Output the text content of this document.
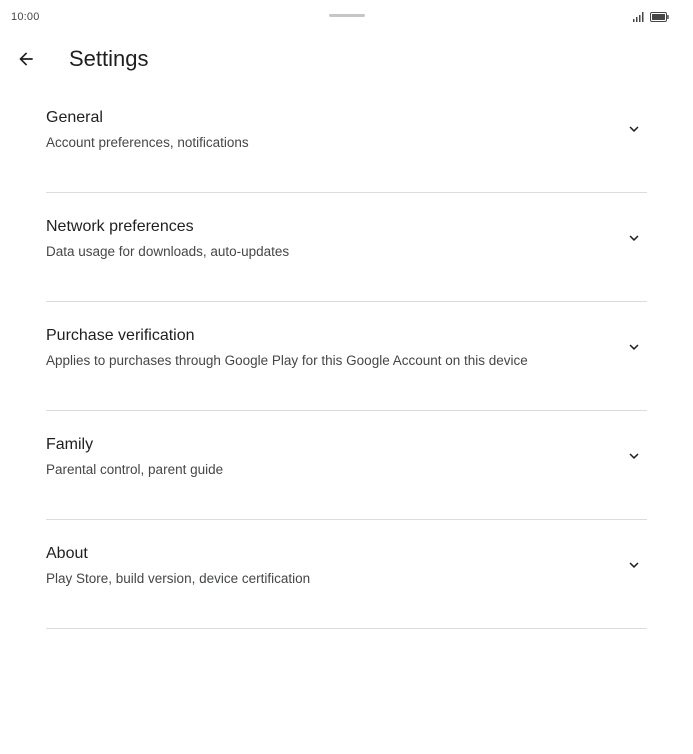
10:00
Settings
General
Account preferences, notifications
Network preferences
Data usage for downloads, auto-updates
Purchase verification
Applies to purchases through Google Play for this Google Account on this device
Family
Parental control, parent guide
About
Play Store, build version, device certification
